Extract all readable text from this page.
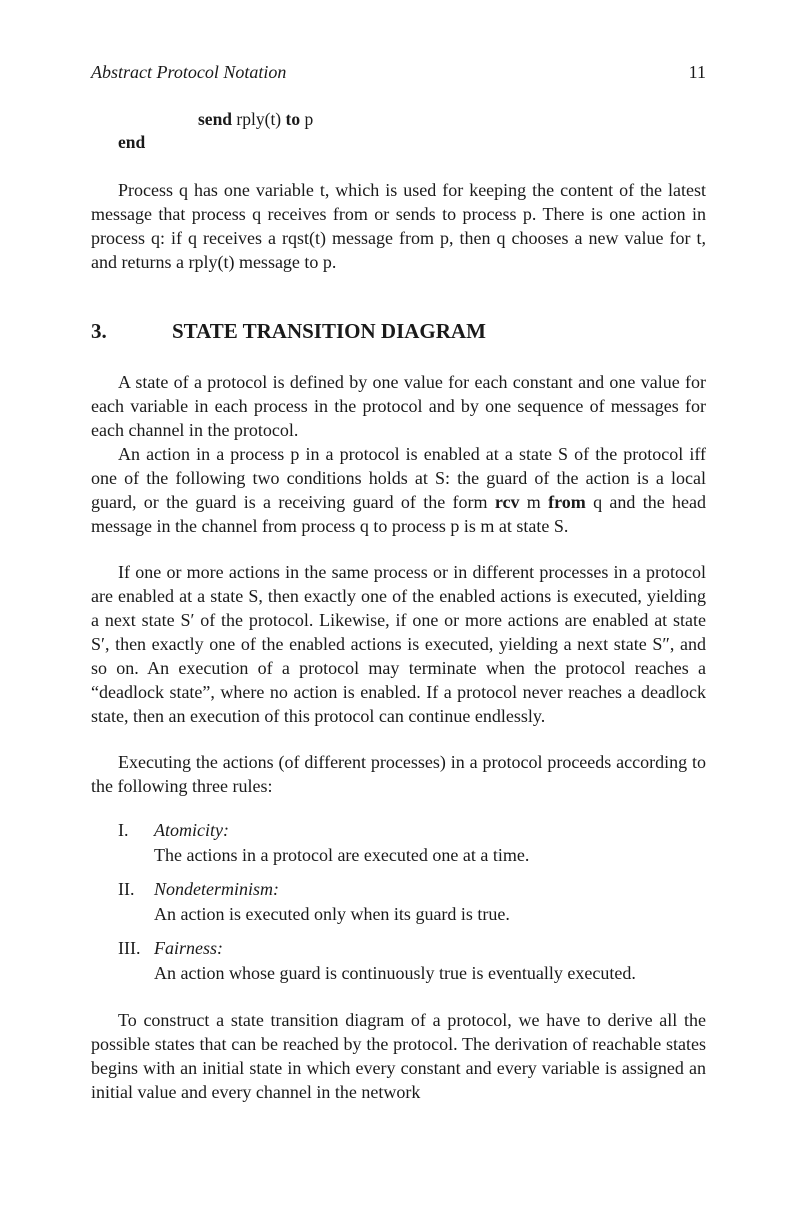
Abstract Protocol Notation	11
send rply(t) to p
end
Process q has one variable t, which is used for keeping the content of the latest message that process q receives from or sends to process p. There is one action in process q: if q receives a rqst(t) message from p, then q chooses a new value for t, and returns a rply(t) message to p.
3.	STATE TRANSITION DIAGRAM
A state of a protocol is defined by one value for each constant and one value for each variable in each process in the protocol and by one sequence of messages for each channel in the protocol.
An action in a process p in a protocol is enabled at a state S of the protocol iff one of the following two conditions holds at S: the guard of the action is a local guard, or the guard is a receiving guard of the form rcv m from q and the head message in the channel from process q to process p is m at state S.
If one or more actions in the same process or in different processes in a protocol are enabled at a state S, then exactly one of the enabled actions is executed, yielding a next state S′ of the protocol. Likewise, if one or more actions are enabled at state S′, then exactly one of the enabled actions is executed, yielding a next state S″, and so on. An execution of a protocol may terminate when the protocol reaches a “deadlock state”, where no action is enabled. If a protocol never reaches a deadlock state, then an execution of this protocol can continue endlessly.
Executing the actions (of different processes) in a protocol proceeds according to the following three rules:
I. Atomicity:
The actions in a protocol are executed one at a time.
II. Nondeterminism:
An action is executed only when its guard is true.
III. Fairness:
An action whose guard is continuously true is eventually executed.
To construct a state transition diagram of a protocol, we have to derive all the possible states that can be reached by the protocol. The derivation of reachable states begins with an initial state in which every constant and every variable is assigned an initial value and every channel in the network
